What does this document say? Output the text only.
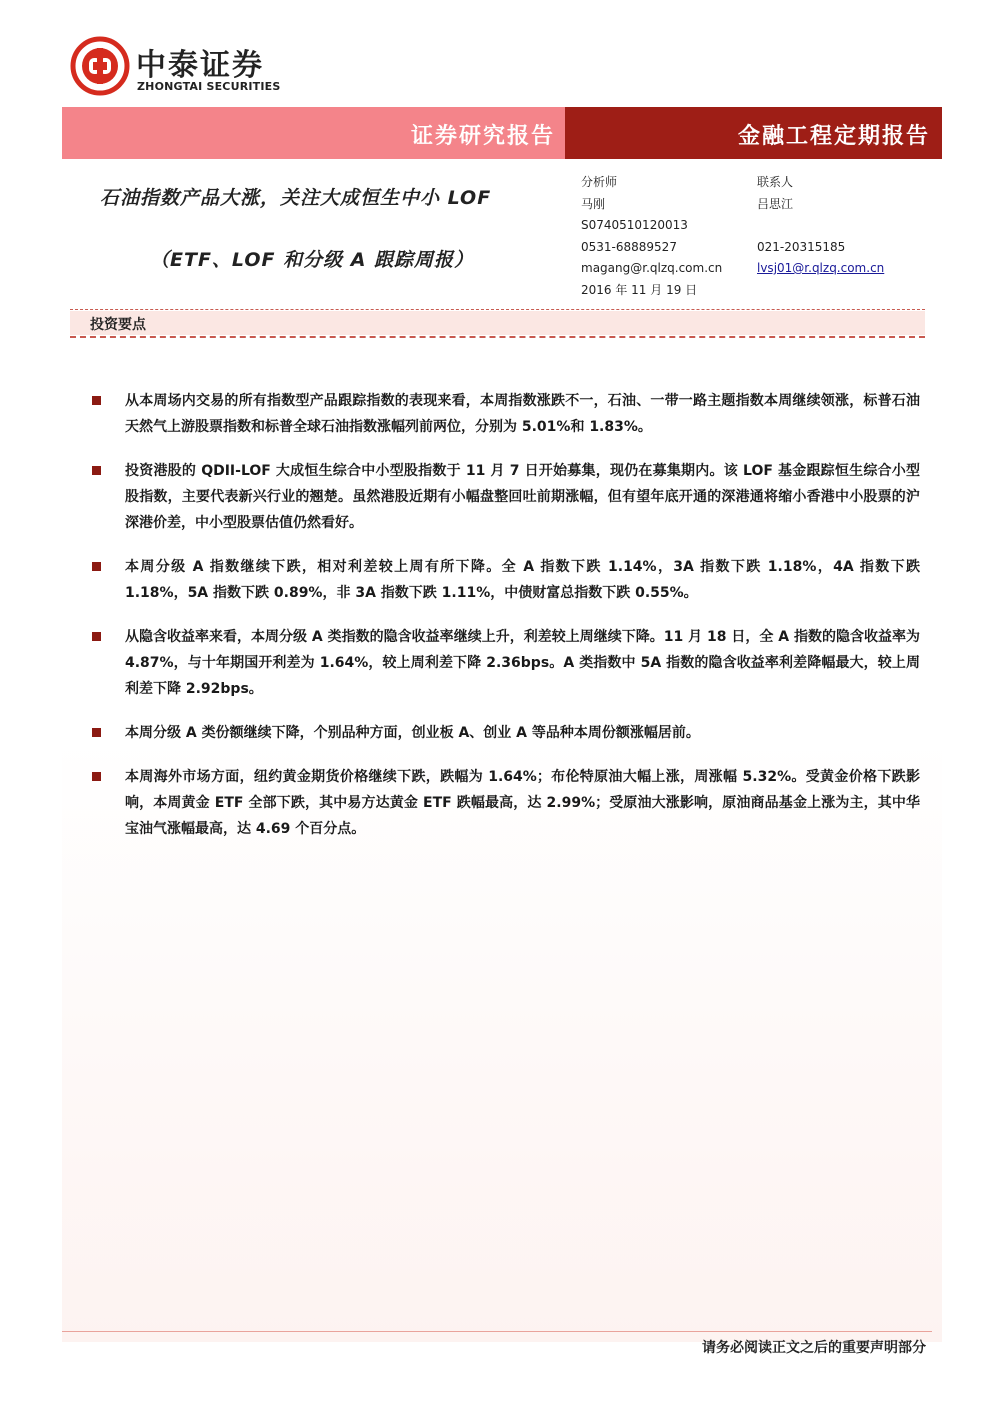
中泰证券
ZHONGTAI SECURITIES
证券研究报告	金融工程定期报告
石油指数产品大涨，关注大成恒生中小 LOF
（ETF、LOF 和分级 A 跟踪周报）
分析师
马刚
S0740510120013
0531-68889527
magang@r.qlzq.com.cn
2016 年 11 月 19 日
联系人
吕思江
021-20315185
lvsj01@r.qlzq.com.cn
投资要点
从本周场内交易的所有指数型产品跟踪指数的表现来看，本周指数涨跌不一，石油、一带一路主题指数本周继续领涨，标普石油天然气上游股票指数和标普全球石油指数涨幅列前两位，分别为 5.01%和 1.83%。
投资港股的 QDII-LOF 大成恒生综合中小型股指数于 11 月 7 日开始募集，现仍在募集期内。该 LOF 基金跟踪恒生综合小型股指数，主要代表新兴行业的翘楚。虽然港股近期有小幅盘整回吐前期涨幅，但有望年底开通的深港通将缩小香港中小股票的沪深港价差，中小型股票估值仍然看好。
本周分级 A 指数继续下跌，相对利差较上周有所下降。全 A 指数下跌 1.14%，3A 指数下跌 1.18%，4A 指数下跌 1.18%，5A 指数下跌 0.89%，非 3A 指数下跌 1.11%，中债财富总指数下跌 0.55%。
从隐含收益率来看，本周分级 A 类指数的隐含收益率继续上升，利差较上周继续下降。11 月 18 日，全 A 指数的隐含收益率为 4.87%，与十年期国开利差为 1.64%，较上周利差下降 2.36bps。A 类指数中 5A 指数的隐含收益率利差降幅最大，较上周利差下降 2.92bps。
本周分级 A 类份额继续下降，个别品种方面，创业板 A、创业 A 等品种本周份额涨幅居前。
本周海外市场方面，纽约黄金期货价格继续下跌，跌幅为 1.64%；布伦特原油大幅上涨，周涨幅 5.32%。受黄金价格下跌影响，本周黄金 ETF 全部下跌，其中易方达黄金 ETF 跌幅最高，达 2.99%；受原油大涨影响，原油商品基金上涨为主，其中华宝油气涨幅最高，达 4.69 个百分点。
请务必阅读正文之后的重要声明部分
